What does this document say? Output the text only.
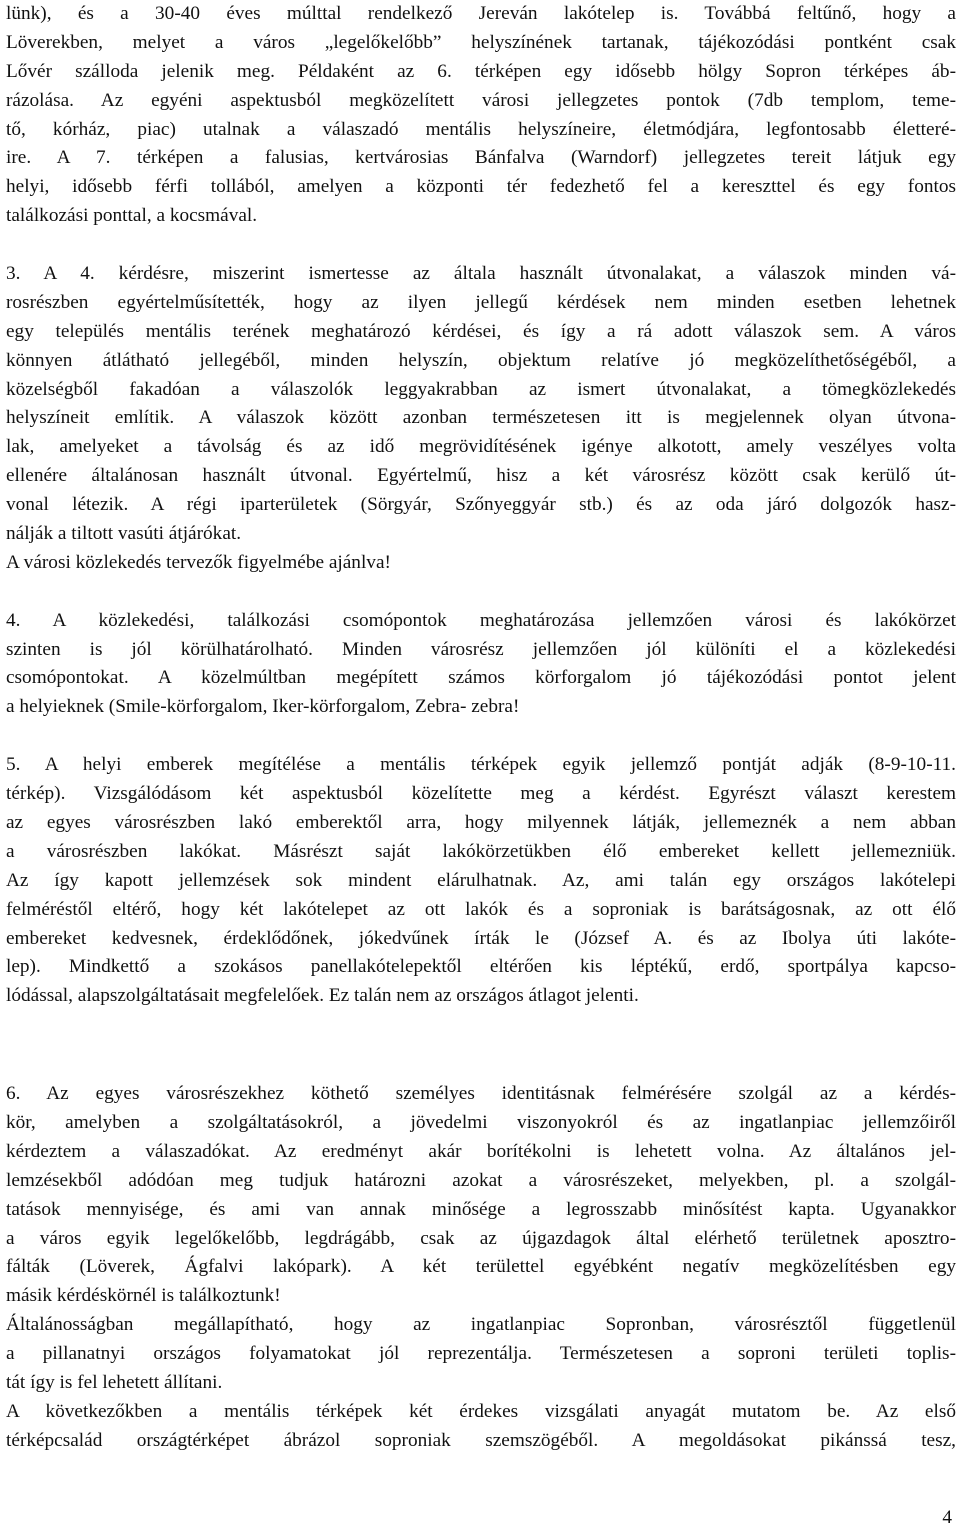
lünk), és a 30-40 éves múlttal rendelkező Jereván lakótelep is. Továbbá feltűnő, hogy a
Löverekben, melyet a város „legelőkelőbb” helyszínének tartanak, tájékozódási pontként csak
Lővér szálloda jelenik meg. Példaként az 6. térképen egy idősebb hölgy Sopron térképes áb-
rázolása. Az egyéni aspektusból megközelített városi jellegzetes pontok (7db templom, teme-
tő, kórház, piac) utalnak a válaszadó mentális helyszíneire, életmódjára, legfontosabb életteré-
ire. A 7. térképen a falusias, kertvárosias Bánfalva (Warndorf) jellegzetes tereit látjuk egy
helyi, idősebb férfi tollából, amelyen a központi tér fedezhető fel a kereszttel és egy fontos
találkozási ponttal, a kocsmával.
3. A 4. kérdésre, miszerint ismertesse az általa használt útvonalakat, a válaszok minden vá-
rosrészben egyértelműsítették, hogy az ilyen jellegű kérdések nem minden esetben lehetnek
egy település mentális terének meghatározó kérdései, és így a rá adott válaszok sem. A város
könnyen átlátható jellegéből, minden helyszín, objektum relatíve jó megközelíthetőségéből, a
közelségből fakadóan a válaszolók leggyakrabban az ismert útvonalakat, a tömegközlekedés
helyszíneit említik. A válaszok között azonban természetesen itt is megjelennek olyan útvona-
lak, amelyeket a távolság és az idő megrövidítésének igénye alkotott, amely veszélyes volta
ellenére általánosan használt útvonal. Egyértelmű, hisz a két városrész között csak kerülő út-
vonal létezik. A régi iparterületek (Sörgyár, Szőnyeggyár stb.) és az oda járó dolgozók hasz-
nálják a tiltott vasúti átjárókat.
A városi közlekedés tervezők figyelmébe ajánlva!
4. A közlekedési, találkozási csomópontok meghatározása jellemzően városi és lakókörzet
szinten is jól körülhatárolható. Minden városrész jellemzően jól különíti el a közlekedési
csomópontokat. A közelmúltban megépített számos körforgalom jó tájékozódási pontot jelent
a helyieknek (Smile-körforgalom, Iker-körforgalom, Zebra- zebra!
5. A helyi emberek megítélése a mentális térképek egyik jellemző pontját adják (8-9-10-11.
térkép). Vizsgálódásom két aspektusból közelítette meg a kérdést. Egyrészt választ kerestem
az egyes városrészben lakó emberektől arra, hogy milyennek látják, jellemeznék a nem abban
a városrészben lakókat. Másrészt saját lakókörzetükben élő embereket kellett jellemezniük.
Az így kapott jellemzések sok mindent elárulhatnak. Az, ami talán egy országos lakótelepi
felméréstől eltérő, hogy két lakótelepet az ott lakók és a soproniak is barátságosnak, az ott élő
embereket kedvesnek, érdeklődőnek, jókedvűnek írták le (József A. és az Ibolya úti lakóte-
lep). Mindkettő a szokásos panellakótelepektől eltérően kis léptékű, erdő, sportpálya kapcso-
lódással, alapszolgáltatásait megfelelőek. Ez talán nem az országos átlagot jelenti.
6. Az egyes városrészekhez köthető személyes identitásnak felmérésére szolgál az a kérdés-
kör, amelyben a szolgáltatásokról, a jövedelmi viszonyokról és az ingatlanpiac jellemzőiről
kérdeztem a válaszadókat. Az eredményt akár borítékolni is lehetett volna. Az általános jel-
lemzésekből adódóan meg tudjuk határozni azokat a városrészeket, melyekben, pl. a szolgál-
tatások mennyisége, és ami van annak minősége a legrosszabb minősítést kapta. Ugyanakkor
a város egyik legelőkelőbb, legdrágább, csak az újgazdagok által elérhető területnek aposztro-
fálták (Löverek, Ágfalvi lakópark). A két területtel egyébként negatív megközelítésben egy
másik kérdéskörnél is találkoztunk!
Általánosságban megállapítható, hogy az ingatlanpiac Sopronban, városrésztől függetlenül
a pillanatnyi országos folyamatokat jól reprezentálja. Természetesen a soproni területi toplis-
tát így is fel lehetett állítani.
A következőkben a mentális térképek két érdekes vizsgálati anyagát mutatom be. Az első
térképcsalád országtérképet ábrázol soproniak szemszögéből. A megoldásokat pikánssá tesz,
4
